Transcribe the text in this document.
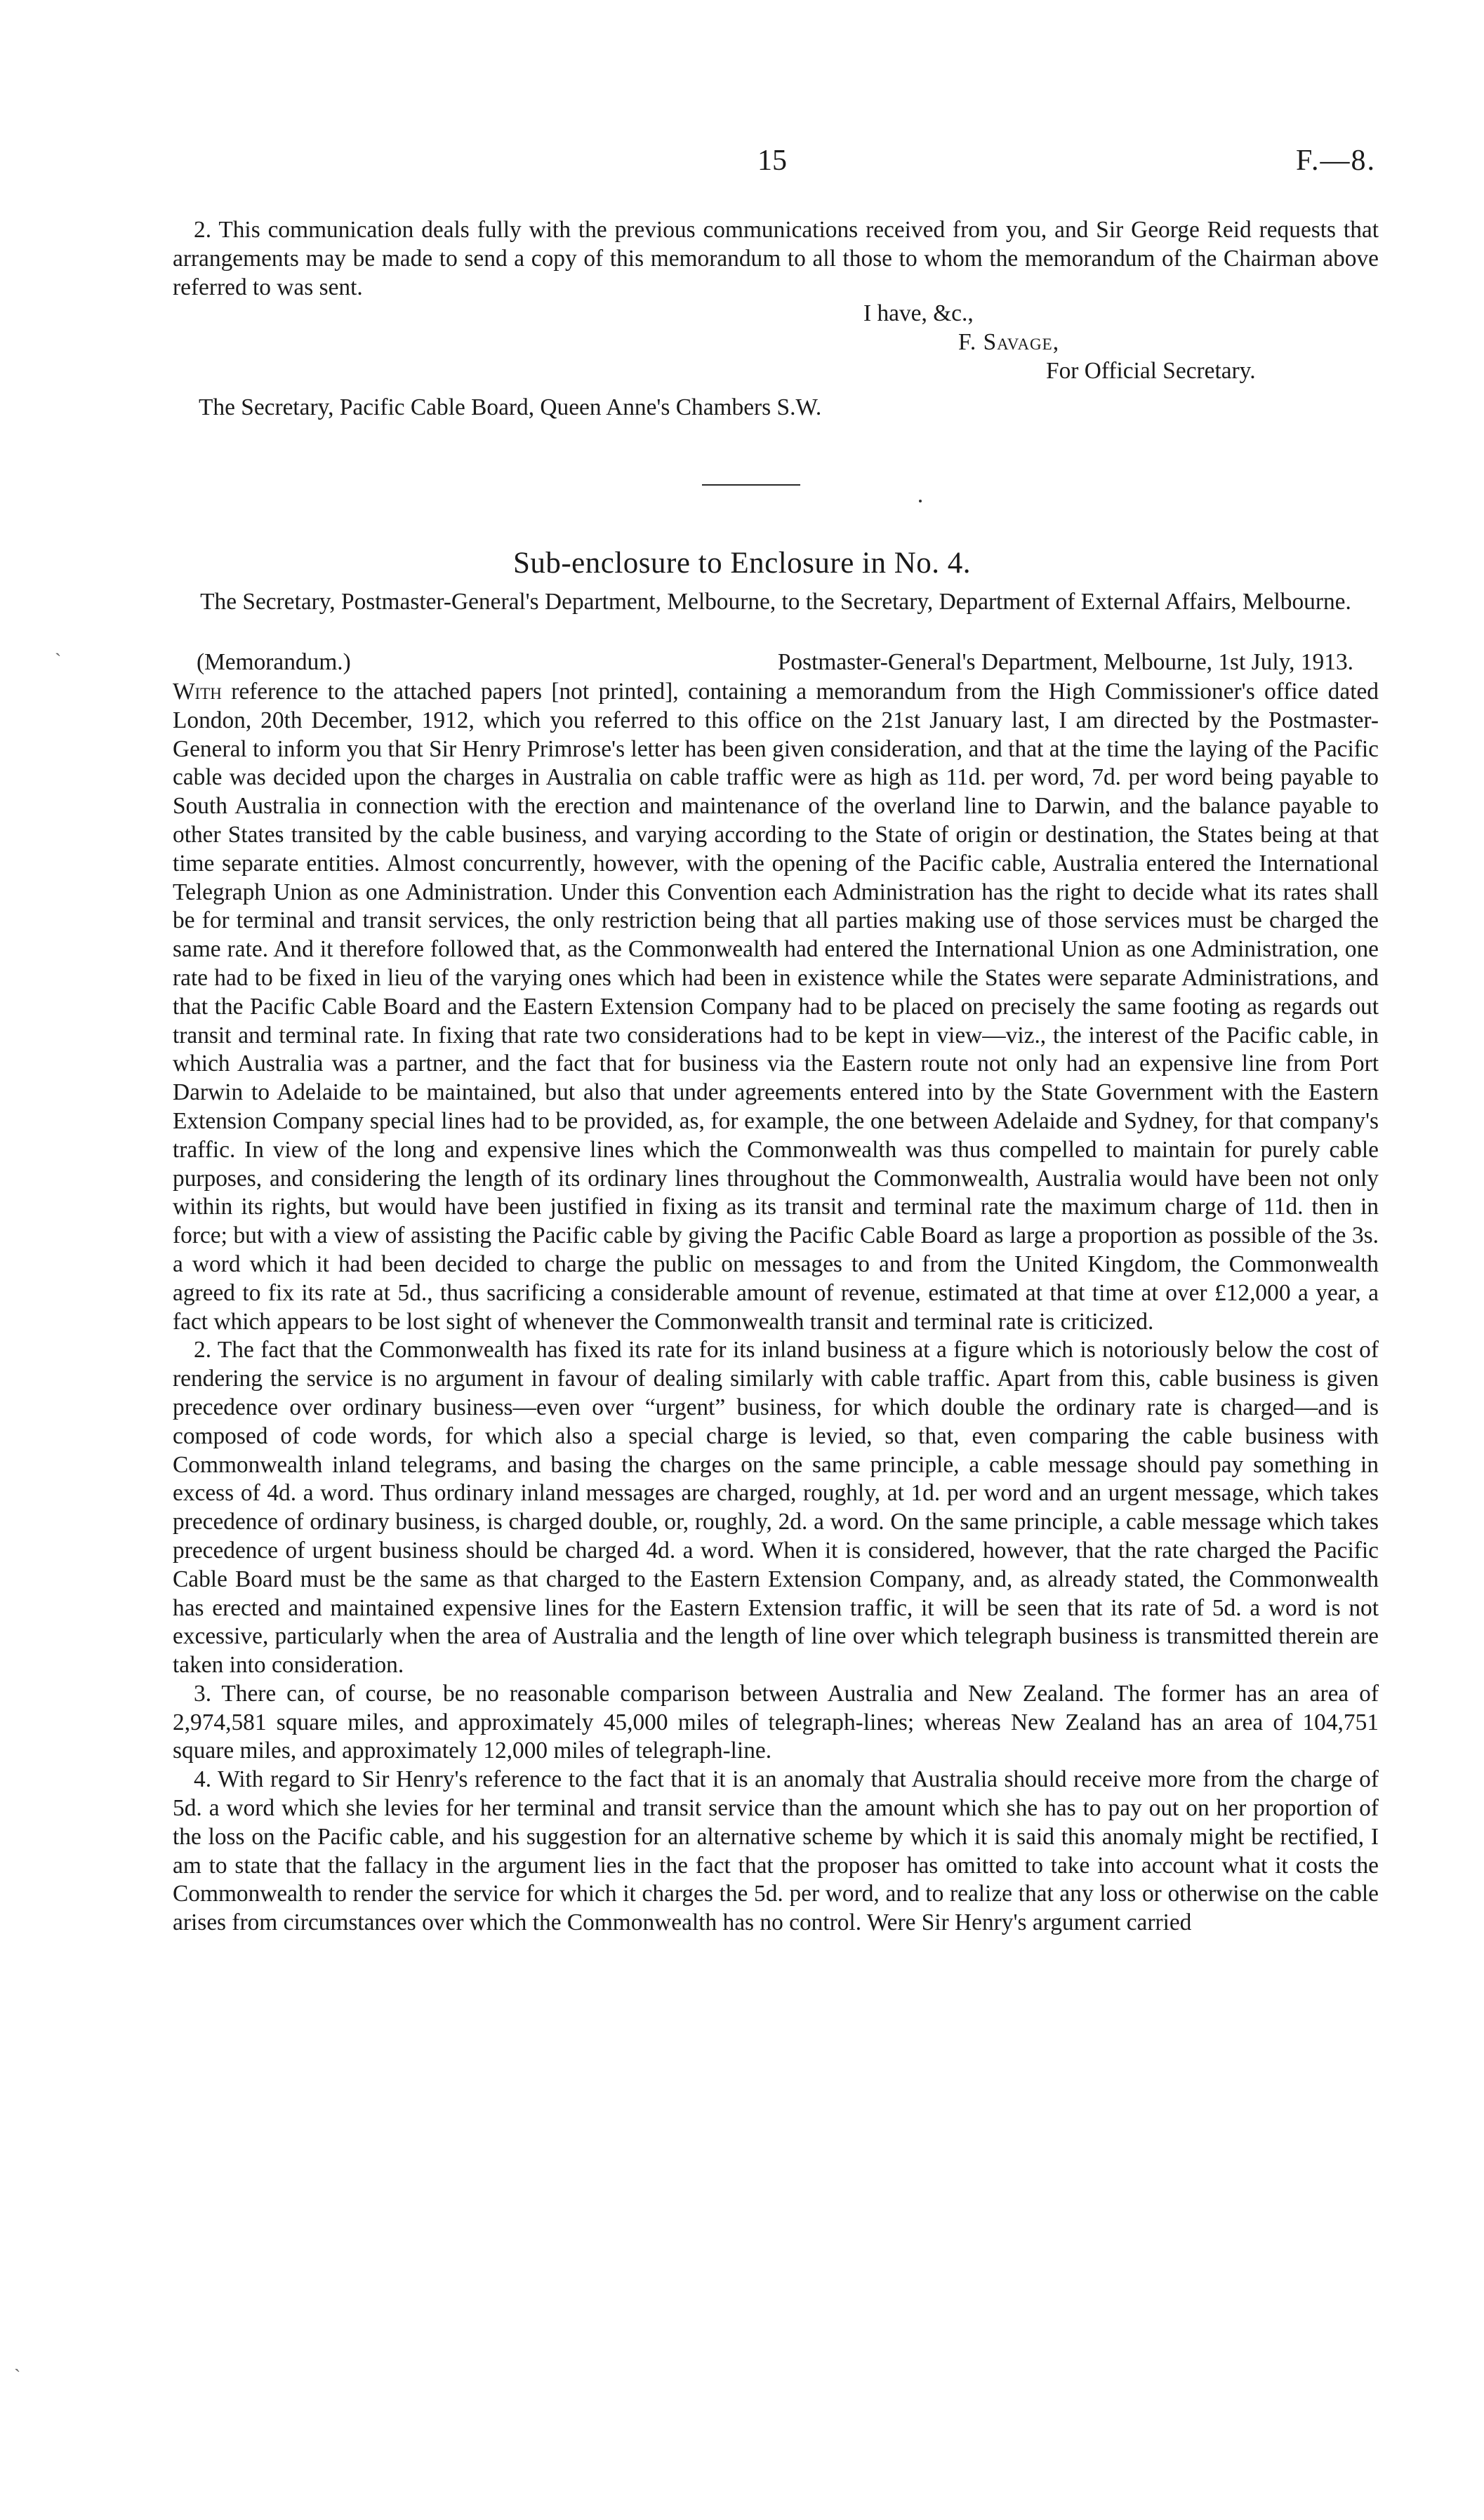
15	F.—8.

2. This communication deals fully with the previous communications received from you, and Sir George Reid requests that arrangements may be made to send a copy of this memorandum to all those to whom the memorandum of the Chairman above referred to was sent.

I have, &c.,
F. Savage,
For Official Secretary.
The Secretary, Pacific Cable Board, Queen Anne's Chambers S.W.
Sub-enclosure to Enclosure in No. 4.
The Secretary, Postmaster-General's Department, Melbourne, to the Secretary, Department of External Affairs, Melbourne.
(Memorandum.)	Postmaster-General's Department, Melbourne, 1st July, 1913.

With reference to the attached papers [not printed], containing a memorandum from the High Commissioner's office dated London, 20th December, 1912, which you referred to this office on the 21st January last, I am directed by the Postmaster-General to inform you that Sir Henry Primrose's letter has been given consideration, and that at the time the laying of the Pacific cable was decided upon the charges in Australia on cable traffic were as high as 11d. per word, 7d. per word being payable to South Australia in connection with the erection and maintenance of the overland line to Darwin, and the balance payable to other States transited by the cable business, and varying according to the State of origin or destination, the States being at that time separate entities. Almost concurrently, however, with the opening of the Pacific cable, Australia entered the International Telegraph Union as one Administration. Under this Convention each Administration has the right to decide what its rates shall be for terminal and transit services, the only restriction being that all parties making use of those services must be charged the same rate. And it therefore followed that, as the Commonwealth had entered the International Union as one Administration, one rate had to be fixed in lieu of the varying ones which had been in existence while the States were separate Administrations, and that the Pacific Cable Board and the Eastern Extension Company had to be placed on precisely the same footing as regards out transit and terminal rate. In fixing that rate two considerations had to be kept in view—viz., the interest of the Pacific cable, in which Australia was a partner, and the fact that for business via the Eastern route not only had an expensive line from Port Darwin to Adelaide to be maintained, but also that under agreements entered into by the State Government with the Eastern Extension Company special lines had to be provided, as, for example, the one between Adelaide and Sydney, for that company's traffic. In view of the long and expensive lines which the Commonwealth was thus compelled to maintain for purely cable purposes, and considering the length of its ordinary lines throughout the Commonwealth, Australia would have been not only within its rights, but would have been justified in fixing as its transit and terminal rate the maximum charge of 11d. then in force; but with a view of assisting the Pacific cable by giving the Pacific Cable Board as large a proportion as possible of the 3s. a word which it had been decided to charge the public on messages to and from the United Kingdom, the Commonwealth agreed to fix its rate at 5d., thus sacrificing a considerable amount of revenue, estimated at that time at over £12,000 a year, a fact which appears to be lost sight of whenever the Commonwealth transit and terminal rate is criticized.

2. The fact that the Commonwealth has fixed its rate for its inland business at a figure which is notoriously below the cost of rendering the service is no argument in favour of dealing similarly with cable traffic. Apart from this, cable business is given precedence over ordinary business—even over “urgent” business, for which double the ordinary rate is charged—and is composed of code words, for which also a special charge is levied, so that, even comparing the cable business with Commonwealth inland telegrams, and basing the charges on the same principle, a cable message should pay something in excess of 4d. a word. Thus ordinary inland messages are charged, roughly, at 1d. per word and an urgent message, which takes precedence of ordinary business, is charged double, or, roughly, 2d. a word. On the same principle, a cable message which takes precedence of urgent business should be charged 4d. a word. When it is considered, however, that the rate charged the Pacific Cable Board must be the same as that charged to the Eastern Extension Company, and, as already stated, the Commonwealth has erected and maintained expensive lines for the Eastern Extension traffic, it will be seen that its rate of 5d. a word is not excessive, particularly when the area of Australia and the length of line over which telegraph business is transmitted therein are taken into consideration.

3. There can, of course, be no reasonable comparison between Australia and New Zealand. The former has an area of 2,974,581 square miles, and approximately 45,000 miles of telegraph-lines; whereas New Zealand has an area of 104,751 square miles, and approximately 12,000 miles of telegraph-line.

4. With regard to Sir Henry's reference to the fact that it is an anomaly that Australia should receive more from the charge of 5d. a word which she levies for her terminal and transit service than the amount which she has to pay out on her proportion of the loss on the Pacific cable, and his suggestion for an alternative scheme by which it is said this anomaly might be rectified, I am to state that the fallacy in the argument lies in the fact that the proposer has omitted to take into account what it costs the Commonwealth to render the service for which it charges the 5d. per word, and to realize that any loss or otherwise on the cable arises from circumstances over which the Commonwealth has no control. Were Sir Henry's argument carried

ˏ
ˏ
